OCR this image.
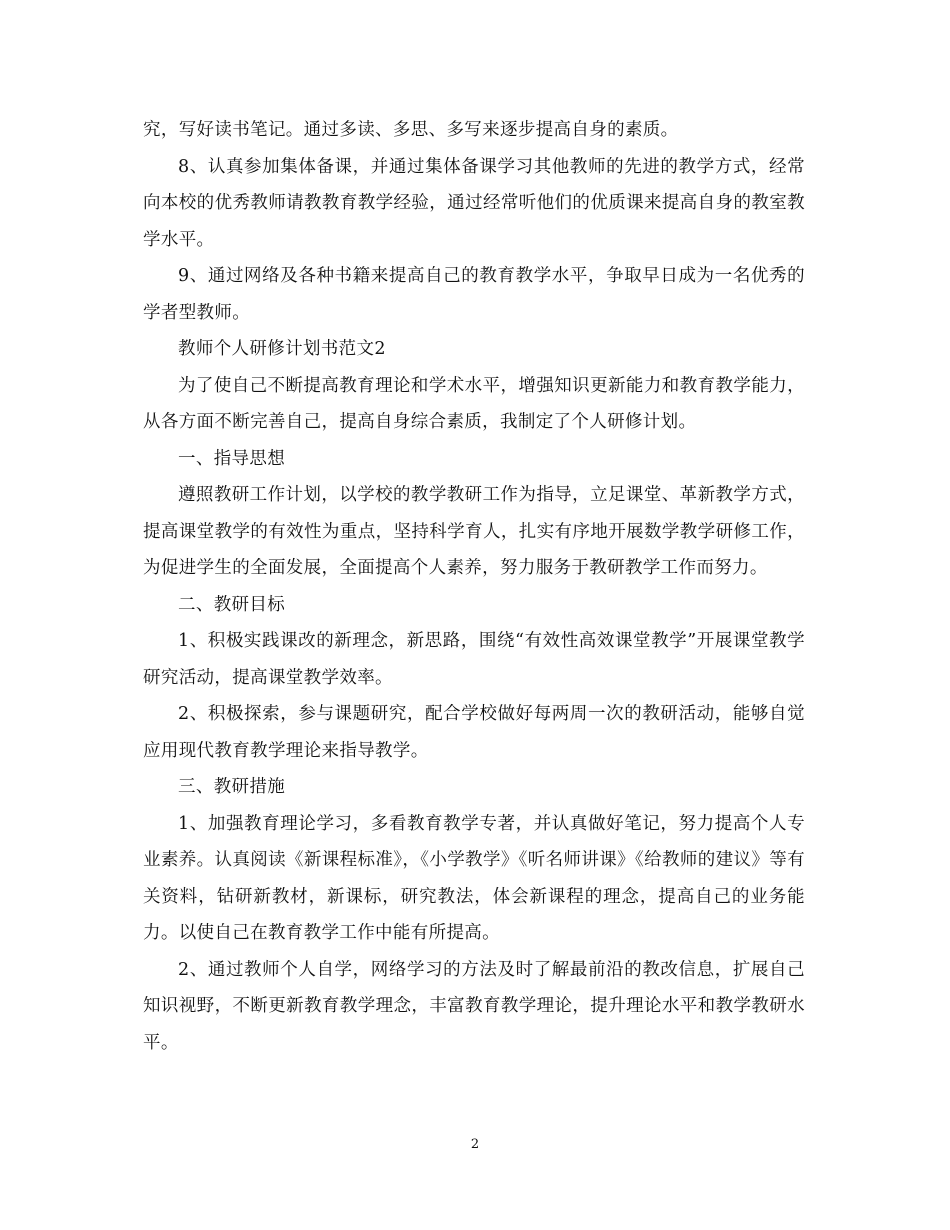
究，写好读书笔记。通过多读、多思、多写来逐步提高自身的素质。

8、认真参加集体备课，并通过集体备课学习其他教师的先进的教学方式，经常向本校的优秀教师请教教育教学经验，通过经常听他们的优质课来提高自身的教室教学水平。

9、通过网络及各种书籍来提高自己的教育教学水平，争取早日成为一名优秀的学者型教师。

教师个人研修计划书范文2

为了使自己不断提高教育理论和学术水平，增强知识更新能力和教育教学能力，从各方面不断完善自己，提高自身综合素质，我制定了个人研修计划。

一、指导思想

遵照教研工作计划，以学校的教学教研工作为指导，立足课堂、革新教学方式，提高课堂教学的有效性为重点，坚持科学育人，扎实有序地开展数学教学研修工作，为促进学生的全面发展，全面提高个人素养，努力服务于教研教学工作而努力。

二、教研目标

1、积极实践课改的新理念，新思路，围绕“有效性高效课堂教学”开展课堂教学研究活动，提高课堂教学效率。

2、积极探索，参与课题研究，配合学校做好每两周一次的教研活动，能够自觉应用现代教育教学理论来指导教学。

三、教研措施

1、加强教育理论学习，多看教育教学专著，并认真做好笔记，努力提高个人专业素养。认真阅读《新课程标准》，《小学教学》《听名师讲课》《给教师的建议》等有关资料，钻研新教材，新课标，研究教法，体会新课程的理念，提高自己的业务能力。以使自己在教育教学工作中能有所提高。

2、通过教师个人自学，网络学习的方法及时了解最前沿的教改信息，扩展自己知识视野，不断更新教育教学理念，丰富教育教学理论，提升理论水平和教学教研水平。

2
